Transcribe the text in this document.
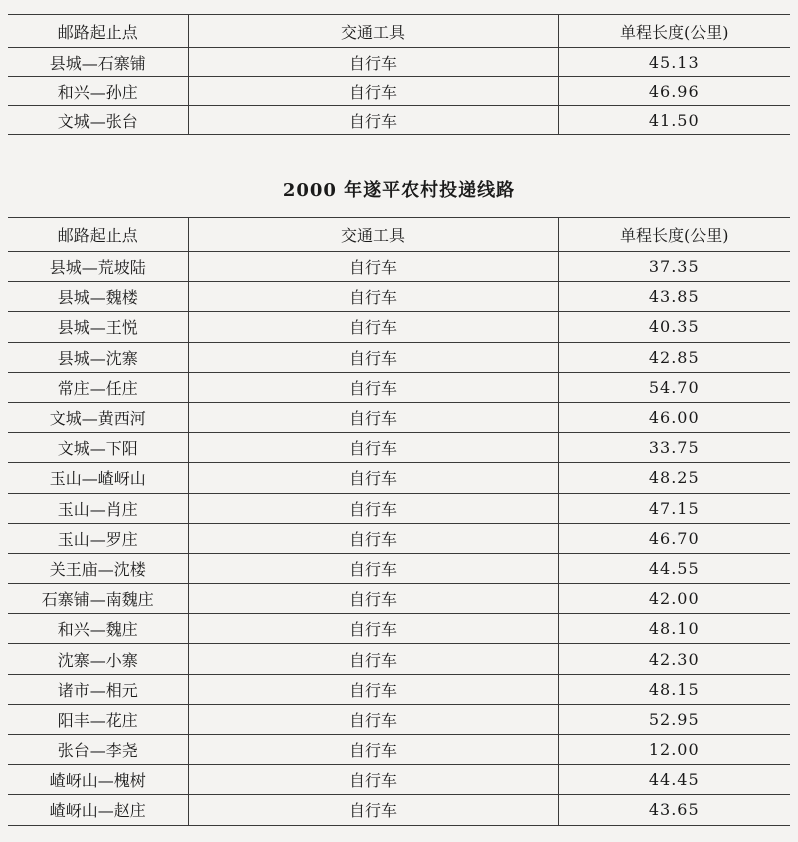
邮路起止点	交通工具	单程长度(公里)
县城—石寨铺	自行车	45.13
和兴—孙庄	自行车	46.96
文城—张台	自行车	41.50
2000 年遂平农村投递线路
邮路起止点	交通工具	单程长度(公里)
县城—荒坡陆	自行车	37.35
县城—魏楼	自行车	43.85
县城—王悦	自行车	40.35
县城—沈寨	自行车	42.85
常庄—任庄	自行车	54.70
文城—黄西河	自行车	46.00
文城—下阳	自行车	33.75
玉山—嵖岈山	自行车	48.25
玉山—肖庄	自行车	47.15
玉山—罗庄	自行车	46.70
关王庙—沈楼	自行车	44.55
石寨铺—南魏庄	自行车	42.00
和兴—魏庄	自行车	48.10
沈寨—小寨	自行车	42.30
诸市—相元	自行车	48.15
阳丰—花庄	自行车	52.95
张台—李尧	自行车	12.00
嵖岈山—槐树	自行车	44.45
嵖岈山—赵庄	自行车	43.65
